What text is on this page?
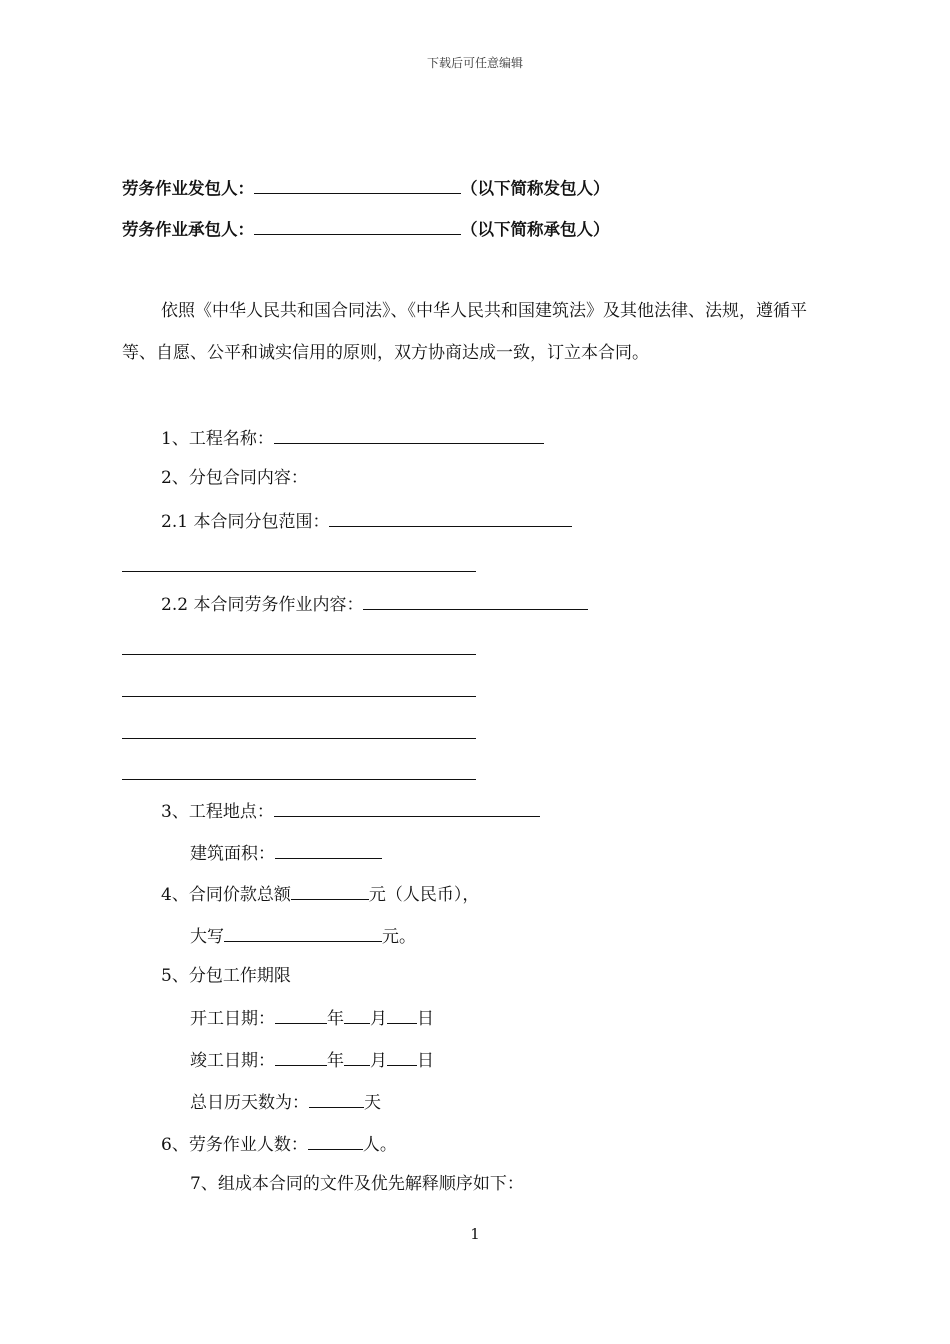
下载后可任意编辑
劳务作业发包人：	（以下简称发包人）
劳务作业承包人：	（以下简称承包人）
依照《中华人民共和国合同法》、《中华人民共和国建筑法》及其他法律、法规，遵循平等、自愿、公平和诚实信用的原则，双方协商达成一致，订立本合同。
1、工程名称：
2、分包合同内容：
2.1 本合同分包范围：
2.2 本合同劳务作业内容：
3、工程地点：
建筑面积：
4、合同价款总额	元（人民币），
大写	元。
5、分包工作期限
开工日期：	年 月 日
竣工日期：	年 月 日
总日历天数为：	天
6、劳务作业人数：	人。
7、组成本合同的文件及优先解释顺序如下：
1
